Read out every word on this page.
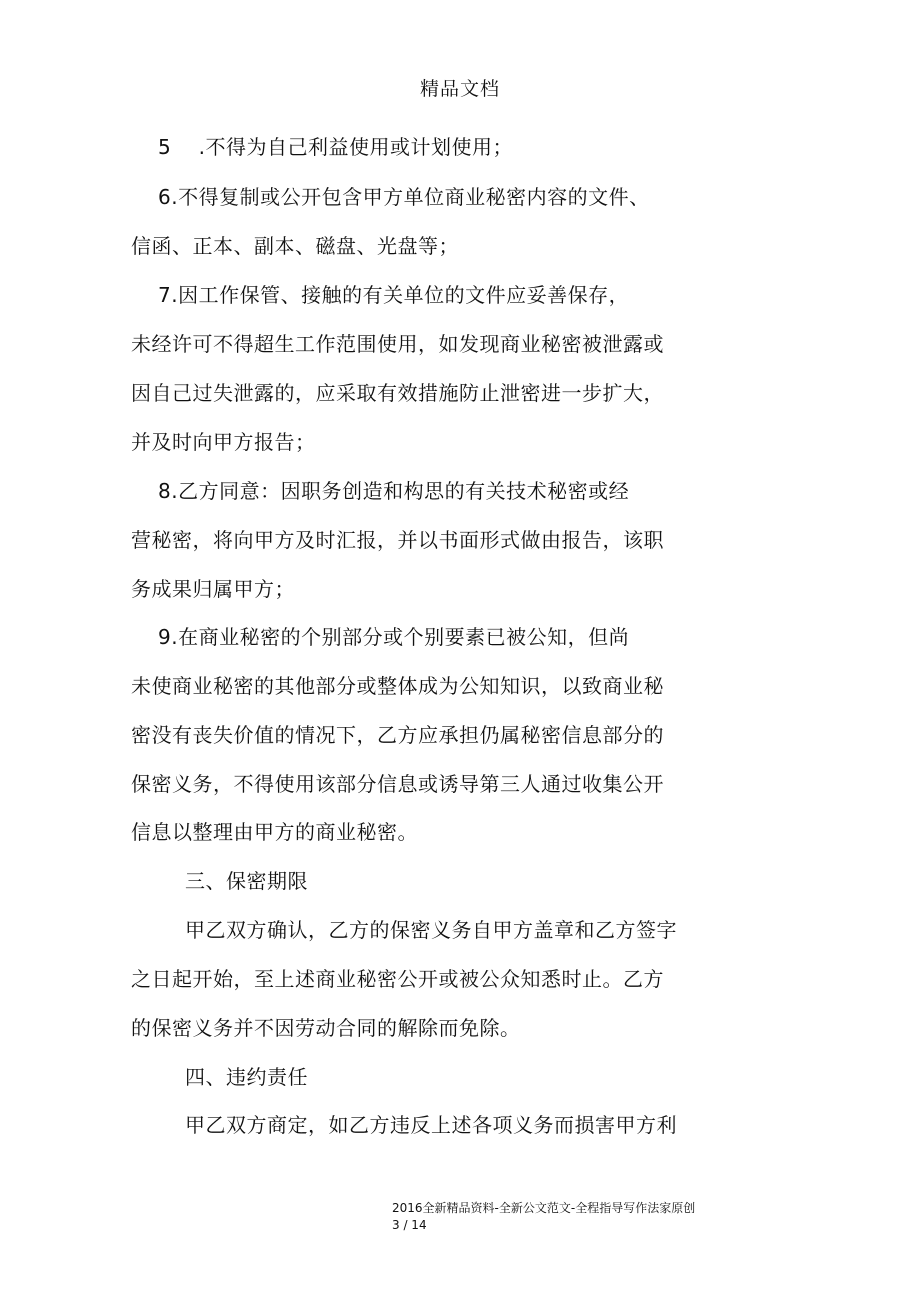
精品文档
5    .不得为自己利益使用或计划使用；
6.不得复制或公开包含甲方单位商业秘密内容的文件、
信函、正本、副本、磁盘、光盘等；
7.因工作保管、接触的有关单位的文件应妥善保存，
未经许可不得超生工作范围使用，如发现商业秘密被泄露或
因自己过失泄露的，应采取有效措施防止泄密进一步扩大，
并及时向甲方报告；
8.乙方同意：因职务创造和构思的有关技术秘密或经
营秘密，将向甲方及时汇报，并以书面形式做由报告，该职
务成果归属甲方；
9.在商业秘密的个别部分或个别要素已被公知，但尚
未使商业秘密的其他部分或整体成为公知知识，以致商业秘
密没有丧失价值的情况下，乙方应承担仍属秘密信息部分的
保密义务，不得使用该部分信息或诱导第三人通过收集公开
信息以整理由甲方的商业秘密。
三、保密期限
甲乙双方确认，乙方的保密义务自甲方盖章和乙方签字
之日起开始，至上述商业秘密公开或被公众知悉时止。乙方
的保密义务并不因劳动合同的解除而免除。
四、违约责任
甲乙双方商定，如乙方违反上述各项义务而损害甲方利
2016全新精品资料-全新公文范文-全程指导写作法家原创
3 / 14
